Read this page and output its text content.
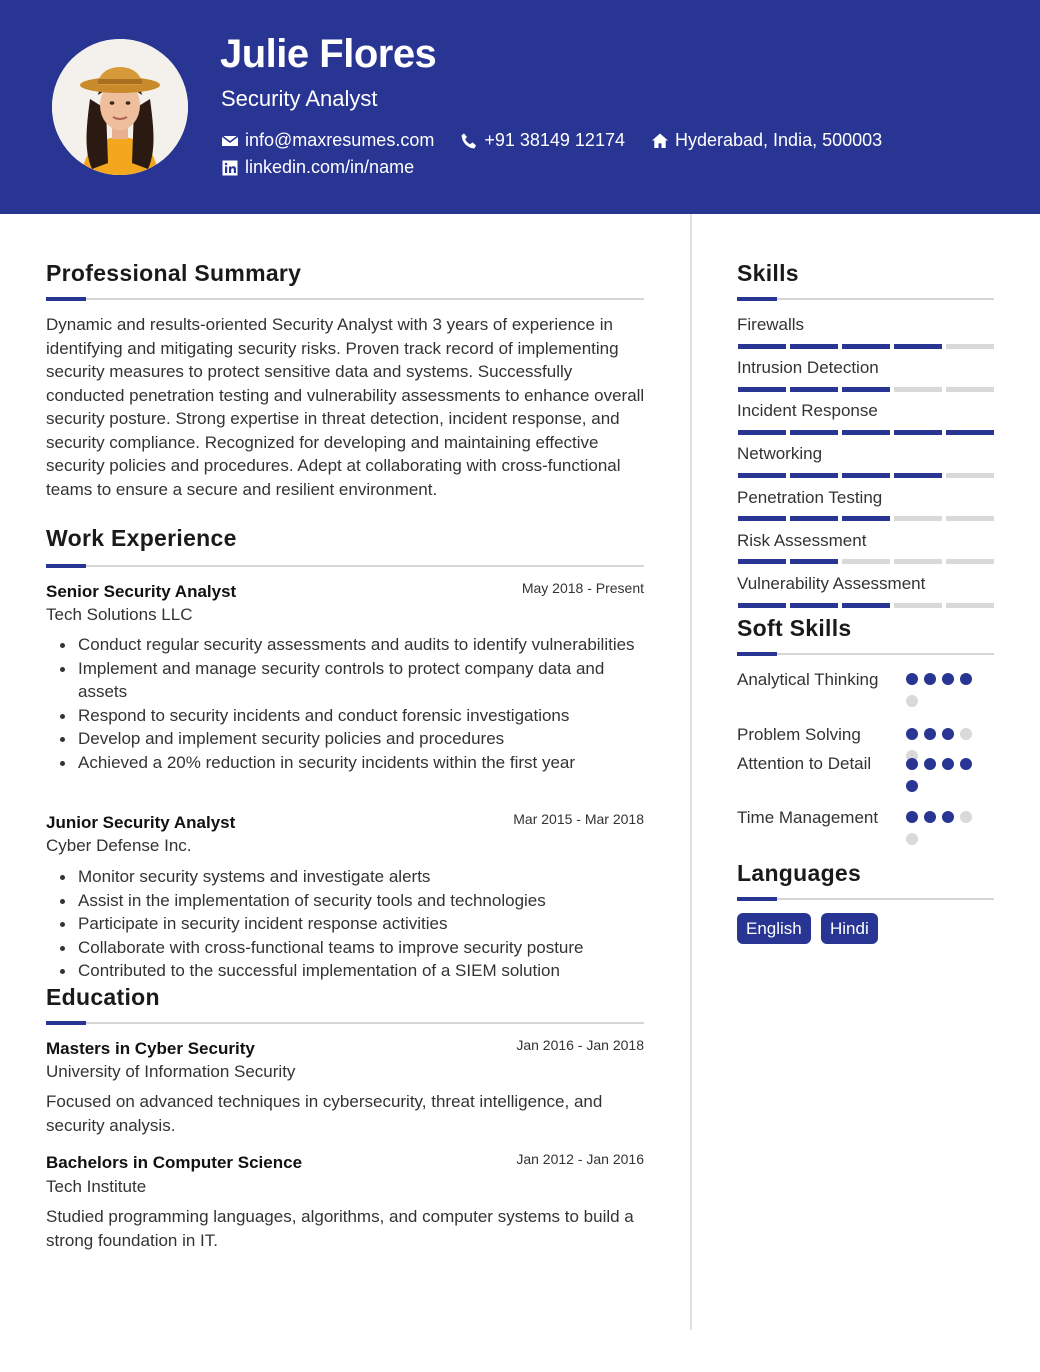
Julie Flores
Security Analyst
info@maxresumes.com	+91 38149 12174	Hyderabad, India, 500003
linkedin.com/in/name
Professional Summary
Dynamic and results-oriented Security Analyst with 3 years of experience in identifying and mitigating security risks. Proven track record of implementing security measures to protect sensitive data and systems. Successfully conducted penetration testing and vulnerability assessments to enhance overall security posture. Strong expertise in threat detection, incident response, and security compliance. Recognized for developing and maintaining effective security policies and procedures. Adept at collaborating with cross-functional teams to ensure a secure and resilient environment.
Work Experience
Senior Security Analyst	May 2018 - Present
Tech Solutions LLC
Conduct regular security assessments and audits to identify vulnerabilities
Implement and manage security controls to protect company data and assets
Respond to security incidents and conduct forensic investigations
Develop and implement security policies and procedures
Achieved a 20% reduction in security incidents within the first year
Junior Security Analyst	Mar 2015 - Mar 2018
Cyber Defense Inc.
Monitor security systems and investigate alerts
Assist in the implementation of security tools and technologies
Participate in security incident response activities
Collaborate with cross-functional teams to improve security posture
Contributed to the successful implementation of a SIEM solution
Education
Masters in Cyber Security	Jan 2016 - Jan 2018
University of Information Security
Focused on advanced techniques in cybersecurity, threat intelligence, and security analysis.
Bachelors in Computer Science	Jan 2012 - Jan 2016
Tech Institute
Studied programming languages, algorithms, and computer systems to build a strong foundation in IT.
Skills
Firewalls
Intrusion Detection
Incident Response
Networking
Penetration Testing
Risk Assessment
Vulnerability Assessment
Soft Skills
Analytical Thinking
Problem Solving
Attention to Detail
Time Management
Languages
English	Hindi
